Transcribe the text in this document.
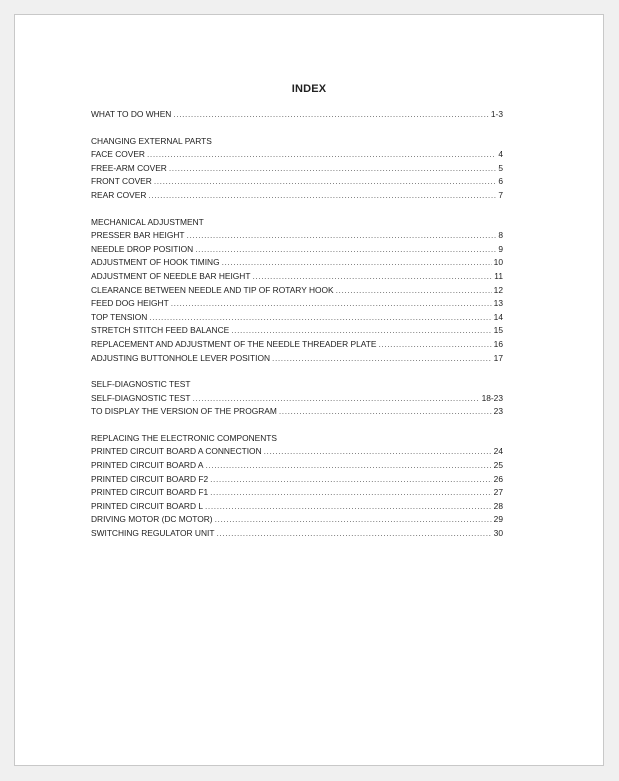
INDEX
WHAT TO DO WHEN .....	1-3
CHANGING EXTERNAL PARTS
FACE COVER .....	4
FREE-ARM COVER .....	5
FRONT COVER .....	6
REAR COVER .....	7
MECHANICAL ADJUSTMENT
PRESSER BAR HEIGHT .....	8
NEEDLE DROP POSITION .....	9
ADJUSTMENT OF HOOK TIMING .....	10
ADJUSTMENT OF NEEDLE BAR HEIGHT .....	11
CLEARANCE BETWEEN NEEDLE AND TIP OF ROTARY HOOK .....	12
FEED DOG HEIGHT .....	13
TOP TENSION .....	14
STRETCH STITCH FEED BALANCE .....	15
REPLACEMENT AND ADJUSTMENT OF THE NEEDLE THREADER PLATE .....	16
ADJUSTING BUTTONHOLE LEVER POSITION .....	17
SELF-DIAGNOSTIC TEST
SELF-DIAGNOSTIC TEST .....	18-23
TO DISPLAY THE VERSION OF THE PROGRAM .....	23
REPLACING THE ELECTRONIC COMPONENTS
PRINTED CIRCUIT BOARD A CONNECTION .....	24
PRINTED CIRCUIT BOARD A .....	25
PRINTED CIRCUIT BOARD F2 .....	26
PRINTED CIRCUIT BOARD F1 .....	27
PRINTED CIRCUIT BOARD L .....	28
DRIVING MOTOR (DC MOTOR) .....	29
SWITCHING REGULATOR UNIT .....	30
